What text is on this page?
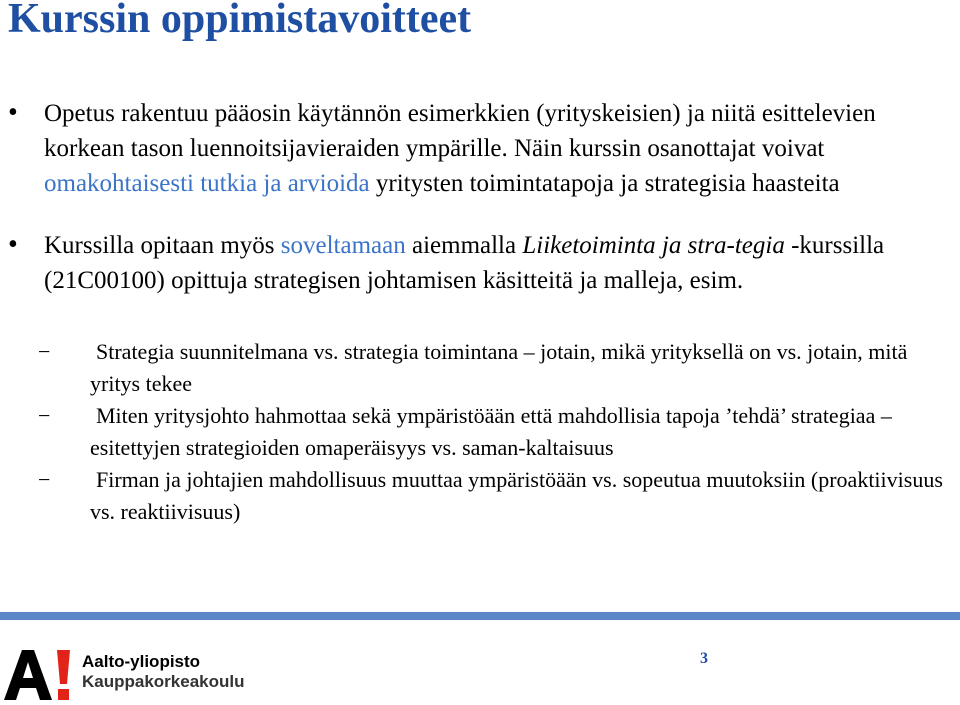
Kurssin oppimistavoitteet
• Opetus rakentuu pääosin käytännön esimerkkien (yrityskeisien) ja niitä esittelevien korkean tason luennoitsijavieraiden ympärille. Näin kurssin osanottajat voivat omakohtaisesti tutkia ja arvioida yritysten toimintatapoja ja strategisia haasteita
• Kurssilla opitaan myös soveltamaan aiemmalla Liiketoiminta ja stra-tegia -kurssilla (21C00100) opittuja strategisen johtamisen käsitteitä ja malleja, esim.
− Strategia suunnitelmana vs. strategia toimintana – jotain, mikä yrityksellä on vs. jotain, mitä yritys tekee
− Miten yritysjohto hahmottaa sekä ympäristöään että mahdollisia tapoja ’tehdä’ strategiaa – esitettyjen strategioiden omaperäisyys vs. saman-kaltaisuus
− Firman ja johtajien mahdollisuus muuttaa ympäristöään vs. sopeutua muutoksiin (proaktiivisuus vs. reaktiivisuus)
Aalto-yliopisto
Kauppakorkeakoulu
3
